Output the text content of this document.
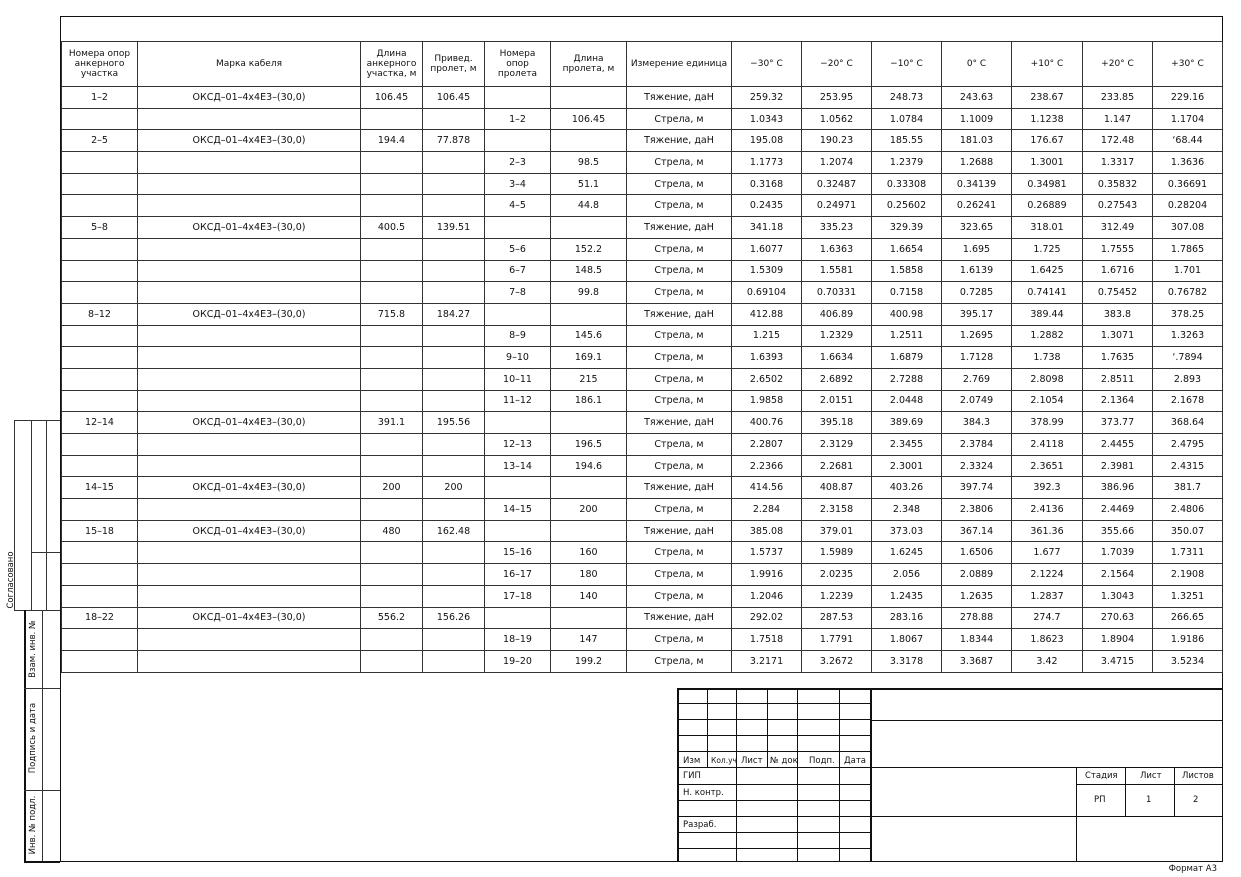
Номера опор анкерного участка	Марка кабеля	Длина анкерного участка, м	Привед. пролет, м	Номера опор пролета	Длина пролета, м	Измерение единица	−30° С	−20° С	−10° С	0° С	+10° С	+20° С	+30° С
1–2	ОКСД–01–4х4Е3–(30,0)	106.45	106.45			Тяжение, даН	259.32	253.95	248.73	243.63	238.67	233.85	229.16
				1–2	106.45	Стрела, м	1.0343	1.0562	1.0784	1.1009	1.1238	1.147	1.1704
2–5	ОКСД–01–4х4Е3–(30,0)	194.4	77.878			Тяжение, даН	195.08	190.23	185.55	181.03	176.67	172.48	‘68.44
				2–3	98.5	Стрела, м	1.1773	1.2074	1.2379	1.2688	1.3001	1.3317	1.3636
				3–4	51.1	Стрела, м	0.3168	0.32487	0.33308	0.34139	0.34981	0.35832	0.36691
				4–5	44.8	Стрела, м	0.2435	0.24971	0.25602	0.26241	0.26889	0.27543	0.28204
5–8	ОКСД–01–4х4Е3–(30,0)	400.5	139.51			Тяжение, даН	341.18	335.23	329.39	323.65	318.01	312.49	307.08
				5–6	152.2	Стрела, м	1.6077	1.6363	1.6654	1.695	1.725	1.7555	1.7865
				6–7	148.5	Стрела, м	1.5309	1.5581	1.5858	1.6139	1.6425	1.6716	1.701
				7–8	99.8	Стрела, м	0.69104	0.70331	0.7158	0.7285	0.74141	0.75452	0.76782
8–12	ОКСД–01–4х4Е3–(30,0)	715.8	184.27			Тяжение, даН	412.88	406.89	400.98	395.17	389.44	383.8	378.25
				8–9	145.6	Стрела, м	1.215	1.2329	1.2511	1.2695	1.2882	1.3071	1.3263
				9–10	169.1	Стрела, м	1.6393	1.6634	1.6879	1.7128	1.738	1.7635	‘.7894
				10–11	215	Стрела, м	2.6502	2.6892	2.7288	2.769	2.8098	2.8511	2.893
				11–12	186.1	Стрела, м	1.9858	2.0151	2.0448	2.0749	2.1054	2.1364	2.1678
12–14	ОКСД–01–4х4Е3–(30,0)	391.1	195.56			Тяжение, даН	400.76	395.18	389.69	384.3	378.99	373.77	368.64
				12–13	196.5	Стрела, м	2.2807	2.3129	2.3455	2.3784	2.4118	2.4455	2.4795
				13–14	194.6	Стрела, м	2.2366	2.2681	2.3001	2.3324	2.3651	2.3981	2.4315
14–15	ОКСД–01–4х4Е3–(30,0)	200	200			Тяжение, даН	414.56	408.87	403.26	397.74	392.3	386.96	381.7
				14–15	200	Стрела, м	2.284	2.3158	2.348	2.3806	2.4136	2.4469	2.4806
15–18	ОКСД–01–4х4Е3–(30,0)	480	162.48			Тяжение, даН	385.08	379.01	373.03	367.14	361.36	355.66	350.07
				15–16	160	Стрела, м	1.5737	1.5989	1.6245	1.6506	1.677	1.7039	1.7311
				16–17	180	Стрела, м	1.9916	2.0235	2.056	2.0889	2.1224	2.1564	2.1908
				17–18	140	Стрела, м	1.2046	1.2239	1.2435	1.2635	1.2837	1.3043	1.3251
18–22	ОКСД–01–4х4Е3–(30,0)	556.2	156.26			Тяжение, даН	292.02	287.53	283.16	278.88	274.7	270.63	266.65
				18–19	147	Стрела, м	1.7518	1.7791	1.8067	1.8344	1.8623	1.8904	1.9186
				19–20	199.2	Стрела, м	3.2171	3.2672	3.3178	3.3687	3.42	3.4715	3.5234
Согласовано
Взам. инв. №
Подпись и дата
Инв. № подл.
Изм Кол.уч Лист № док Подп. Дата
ГИП
Н. контр.
Разраб.
Стадия	Лист Листов
РП	1	2
Формат А3
